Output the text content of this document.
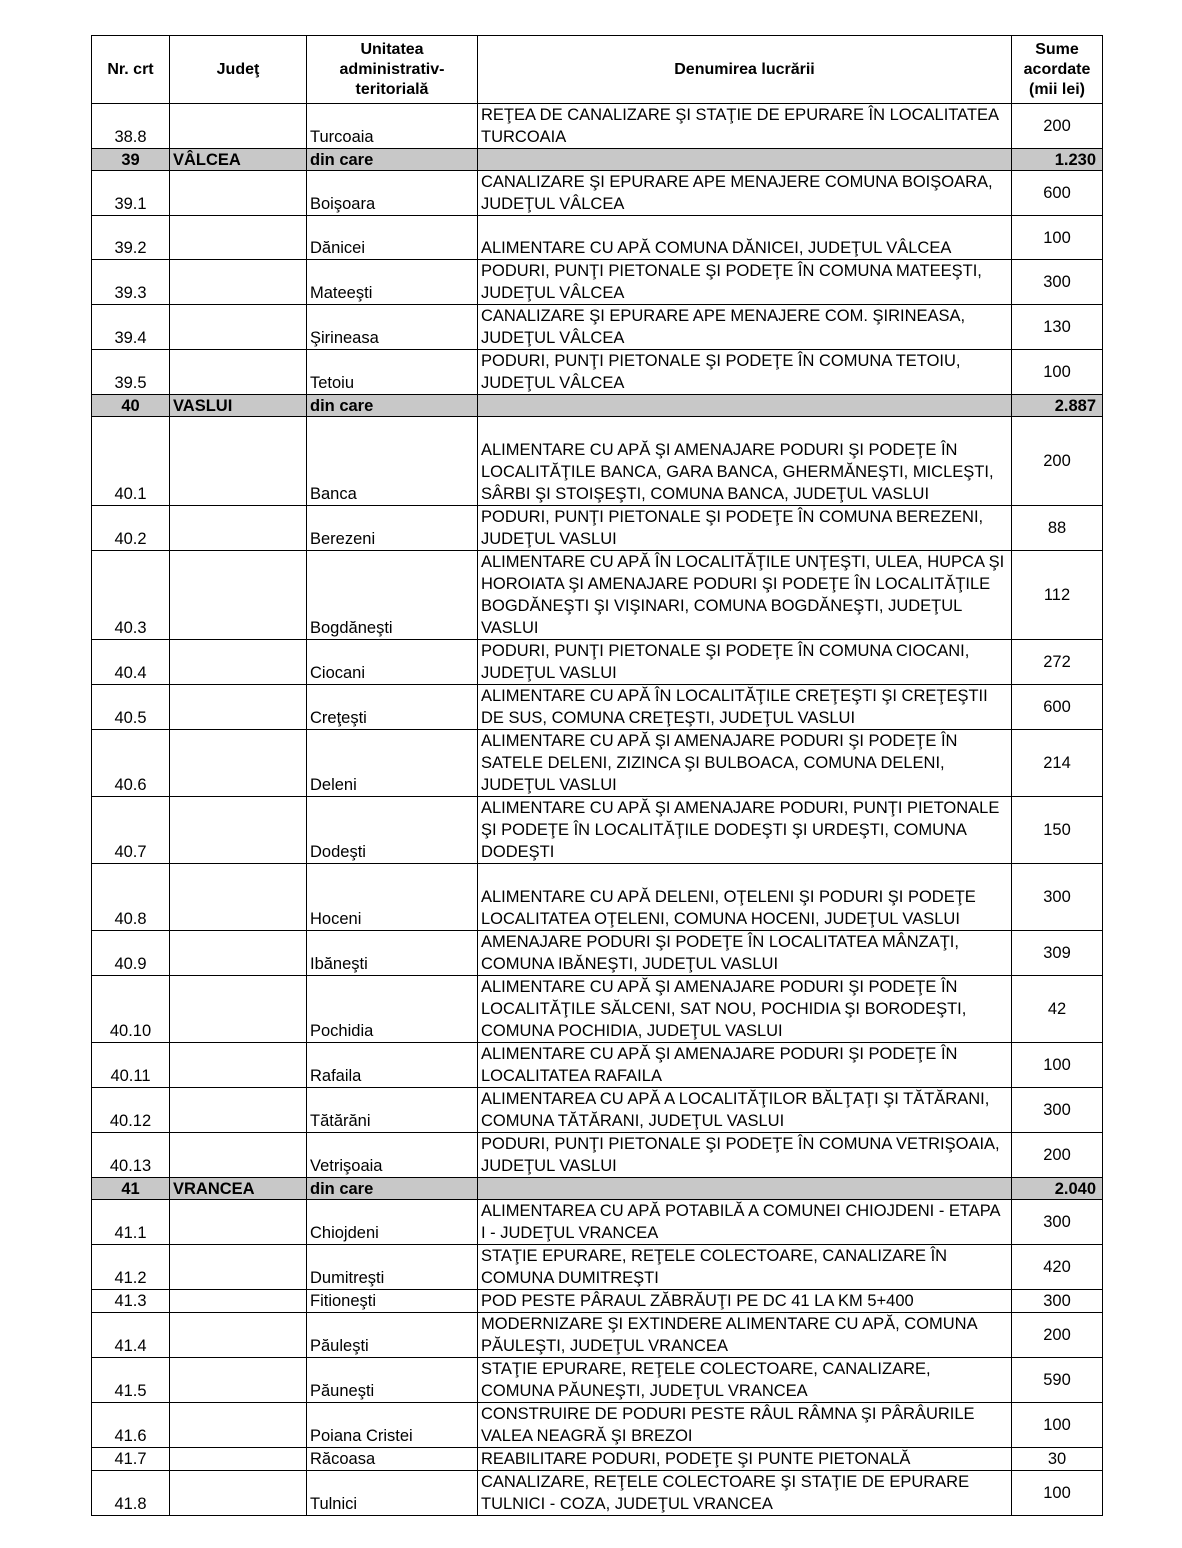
Nr. crt	Judeţ	Unitatea administrativ-teritorială	Denumirea lucrării	Sume acordate (mii lei)
38.8		Turcoaia	REŢEA DE CANALIZARE ŞI STAŢIE DE EPURARE ÎN LOCALITATEA TURCOAIA	200
39	VÂLCEA	din care		1.230
39.1		Boişoara	CANALIZARE ŞI EPURARE APE MENAJERE COMUNA BOIŞOARA, JUDEŢUL VÂLCEA	600
39.2		Dănicei	ALIMENTARE CU APĂ COMUNA DĂNICEI, JUDEŢUL VÂLCEA	100
39.3		Mateeşti	PODURI, PUNŢI PIETONALE ŞI PODEŢE ÎN COMUNA MATEEŞTI, JUDEŢUL VÂLCEA	300
39.4		Şirineasa	CANALIZARE ŞI EPURARE APE MENAJERE COM. ŞIRINEASA, JUDEŢUL VÂLCEA	130
39.5		Tetoiu	PODURI, PUNŢI PIETONALE ŞI PODEŢE ÎN COMUNA TETOIU, JUDEŢUL VÂLCEA	100
40	VASLUI	din care		2.887
40.1		Banca	ALIMENTARE CU APĂ ŞI AMENAJARE PODURI ŞI PODEŢE ÎN LOCALITĂŢILE BANCA, GARA BANCA, GHERMĂNEŞTI, MICLEŞTI, SÂRBI ŞI STOIŞEŞTI, COMUNA BANCA, JUDEŢUL VASLUI	200
40.2		Berezeni	PODURI, PUNŢI PIETONALE ŞI PODEŢE ÎN COMUNA BEREZENI, JUDEŢUL VASLUI	88
40.3		Bogdăneşti	ALIMENTARE CU APĂ ÎN LOCALITĂŢILE UNŢEŞTI, ULEA, HUPCA ŞI HOROIATA ŞI AMENAJARE PODURI ŞI PODEŢE ÎN LOCALITĂŢILE BOGDĂNEŞTI ŞI VIŞINARI, COMUNA BOGDĂNEŞTI, JUDEŢUL VASLUI	112
40.4		Ciocani	PODURI, PUNŢI PIETONALE ŞI PODEŢE ÎN COMUNA CIOCANI, JUDEŢUL VASLUI	272
40.5		Creţeşti	ALIMENTARE CU APĂ ÎN LOCALITĂŢILE CREŢEŞTI ŞI CREŢEŞTII DE SUS, COMUNA CREŢEŞTI, JUDEŢUL VASLUI	600
40.6		Deleni	ALIMENTARE CU APĂ ŞI AMENAJARE PODURI ŞI PODEŢE ÎN SATELE DELENI, ZIZINCA ŞI BULBOACA, COMUNA DELENI, JUDEŢUL VASLUI	214
40.7		Dodeşti	ALIMENTARE CU APĂ ŞI AMENAJARE PODURI, PUNŢI PIETONALE ŞI PODEŢE ÎN LOCALITĂŢILE DODEŞTI ŞI URDEŞTI, COMUNA DODEŞTI	150
40.8		Hoceni	ALIMENTARE CU APĂ DELENI, OŢELENI ŞI PODURI ŞI PODEŢE LOCALITATEA OŢELENI, COMUNA HOCENI, JUDEŢUL VASLUI	300
40.9		Ibăneşti	AMENAJARE PODURI ŞI PODEŢE ÎN LOCALITATEA MÂNZAŢI, COMUNA IBĂNEŞTI, JUDEŢUL VASLUI	309
40.10		Pochidia	ALIMENTARE CU APĂ ŞI AMENAJARE PODURI ŞI PODEŢE ÎN LOCALITĂŢILE SĂLCENI, SAT NOU, POCHIDIA ŞI BORODEŞTI, COMUNA POCHIDIA, JUDEŢUL VASLUI	42
40.11		Rafaila	ALIMENTARE CU APĂ ŞI AMENAJARE PODURI ŞI PODEŢE ÎN LOCALITATEA RAFAILA	100
40.12		Tătărăni	ALIMENTAREA CU APĂ A LOCALITĂŢILOR BĂLŢAŢI ŞI TĂTĂRANI, COMUNA TĂTĂRANI, JUDEŢUL VASLUI	300
40.13		Vetrişoaia	PODURI, PUNŢI PIETONALE ŞI PODEŢE ÎN COMUNA VETRIŞOAIA, JUDEŢUL VASLUI	200
41	VRANCEA	din care		2.040
41.1		Chiojdeni	ALIMENTAREA CU APĂ POTABILĂ A COMUNEI CHIOJDENI - ETAPA I - JUDEŢUL VRANCEA	300
41.2		Dumitreşti	STAŢIE EPURARE, REŢELE COLECTOARE, CANALIZARE ÎN COMUNA DUMITREŞTI	420
41.3		Fitioneşti	POD PESTE PÂRAUL ZĂBRĂUŢI PE DC 41 LA KM 5+400	300
41.4		Păuleşti	MODERNIZARE ŞI EXTINDERE ALIMENTARE CU APĂ, COMUNA PĂULEŞTI, JUDEŢUL VRANCEA	200
41.5		Păuneşti	STAŢIE EPURARE, REŢELE COLECTOARE, CANALIZARE, COMUNA PĂUNEŞTI, JUDEŢUL VRANCEA	590
41.6		Poiana Cristei	CONSTRUIRE DE PODURI PESTE RÂUL RÂMNA ŞI PÂRÂURILE VALEA NEAGRĂ ŞI BREZOI	100
41.7		Răcoasa	REABILITARE PODURI, PODEŢE ŞI PUNTE PIETONALĂ	30
41.8		Tulnici	CANALIZARE, REŢELE COLECTOARE ŞI STAŢIE DE EPURARE TULNICI - COZA, JUDEŢUL VRANCEA	100
